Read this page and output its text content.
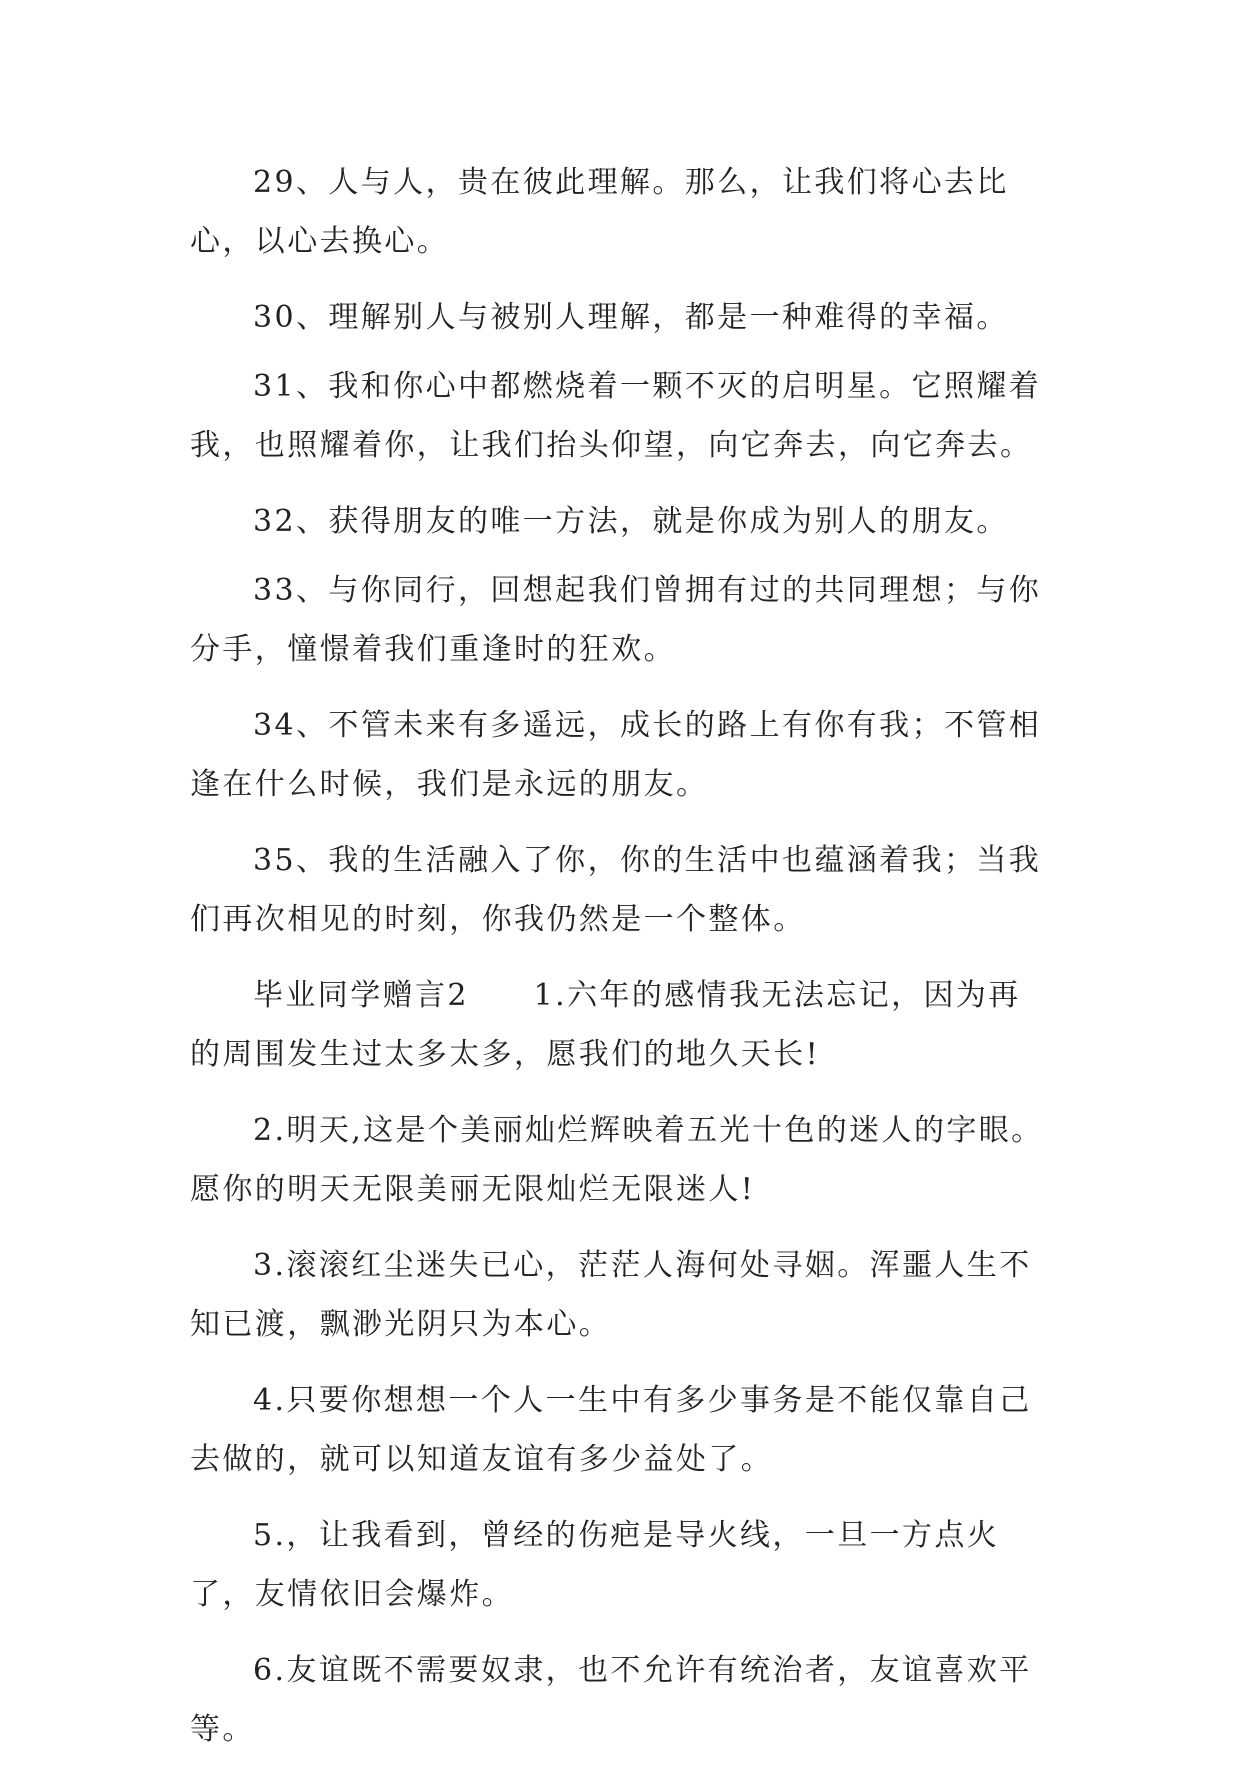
29、人与人，贵在彼此理解。那么，让我们将心去比心，以心去换心。

30、理解别人与被别人理解，都是一种难得的幸福。

31、我和你心中都燃烧着一颗不灭的启明星。它照耀着我，也照耀着你，让我们抬头仰望，向它奔去，向它奔去。

32、获得朋友的唯一方法，就是你成为别人的朋友。

33、与你同行，回想起我们曾拥有过的共同理想；与你分手，憧憬着我们重逢时的狂欢。

34、不管未来有多遥远，成长的路上有你有我；不管相逢在什么时候，我们是永远的朋友。

35、我的生活融入了你，你的生活中也蕴涵着我；当我们再次相见的时刻，你我仍然是一个整体。

毕业同学赠言2　　1.六年的感情我无法忘记，因为再的周围发生过太多太多，愿我们的地久天长!

2.明天,这是个美丽灿烂辉映着五光十色的迷人的字眼。愿你的明天无限美丽无限灿烂无限迷人!

3.滚滚红尘迷失已心，茫茫人海何处寻姻。浑噩人生不知已渡，飘渺光阴只为本心。

4.只要你想想一个人一生中有多少事务是不能仅靠自己去做的，就可以知道友谊有多少益处了。

5.，让我看到，曾经的伤疤是导火线，一旦一方点火了，友情依旧会爆炸。

6.友谊既不需要奴隶，也不允许有统治者，友谊喜欢平等。
